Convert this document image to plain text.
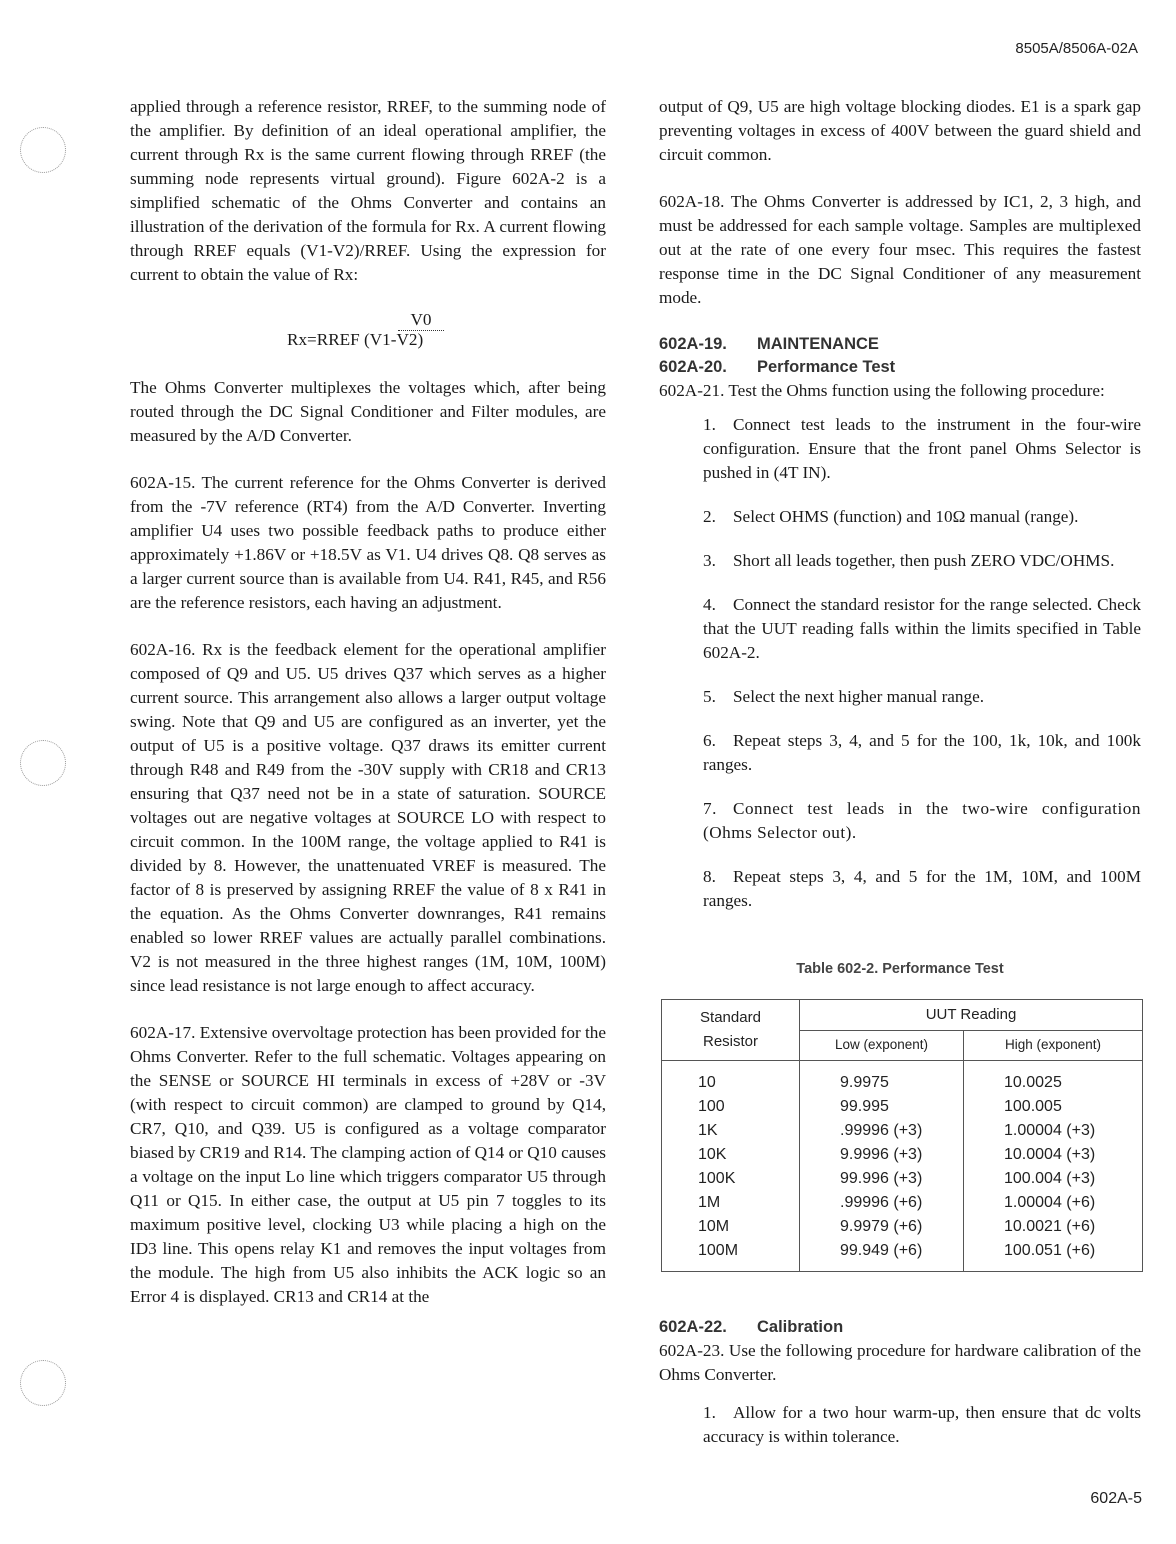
8505A/8506A-02A

applied through a reference resistor, RREF, to the summing node of the amplifier. By definition of an ideal operational amplifier, the current through Rx is the same current flowing through RREF (the summing node represents virtual ground). Figure 602A-2 is a simplified schematic of the Ohms Converter and contains an illustration of the derivation of the formula for Rx. A current flowing through RREF equals (V1-V2)/RREF. Using the expression for current to obtain the value of Rx:

V0
Rx=RREF (V1-V2)

The Ohms Converter multiplexes the voltages which, after being routed through the DC Signal Conditioner and Filter modules, are measured by the A/D Converter.

602A-15. The current reference for the Ohms Converter is derived from the -7V reference (RT4) from the A/D Converter. Inverting amplifier U4 uses two possible feedback paths to produce either approximately +1.86V or +18.5V as V1. U4 drives Q8. Q8 serves as a larger current source than is available from U4. R41, R45, and R56 are the reference resistors, each having an adjustment.

602A-16. Rx is the feedback element for the operational amplifier composed of Q9 and U5. U5 drives Q37 which serves as a higher current source. This arrangement also allows a larger output voltage swing. Note that Q9 and U5 are configured as an inverter, yet the output of U5 is a positive voltage. Q37 draws its emitter current through R48 and R49 from the -30V supply with CR18 and CR13 ensuring that Q37 need not be in a state of saturation. SOURCE voltages out are negative voltages at SOURCE LO with respect to circuit common. In the 100M range, the voltage applied to R41 is divided by 8. However, the unattenuated VREF is measured. The factor of 8 is preserved by assigning RREF the value of 8 x R41 in the equation. As the Ohms Converter downranges, R41 remains enabled so lower RREF values are actually parallel combinations. V2 is not measured in the three highest ranges (1M, 10M, 100M) since lead resistance is not large enough to affect accuracy.

602A-17. Extensive overvoltage protection has been provided for the Ohms Converter. Refer to the full schematic. Voltages appearing on the SENSE or SOURCE HI terminals in excess of +28V or -3V (with respect to circuit common) are clamped to ground by Q14, CR7, Q10, and Q39. U5 is configured as a voltage comparator biased by CR19 and R14. The clamping action of Q14 or Q10 causes a voltage on the input Lo line which triggers comparator U5 through Q11 or Q15. In either case, the output at U5 pin 7 toggles to its maximum positive level, clocking U3 while placing a high on the ID3 line. This opens relay K1 and removes the input voltages from the module. The high from U5 also inhibits the ACK logic so an Error 4 is displayed. CR13 and CR14 at the

output of Q9, U5 are high voltage blocking diodes. E1 is a spark gap preventing voltages in excess of 400V between the guard shield and circuit common.

602A-18. The Ohms Converter is addressed by IC1, 2, 3 high, and must be addressed for each sample voltage. Samples are multiplexed out at the rate of one every four msec. This requires the fastest response time in the DC Signal Conditioner of any measurement mode.

602A-19. MAINTENANCE
602A-20. Performance Test

602A-21. Test the Ohms function using the following procedure:

1. Connect test leads to the instrument in the four-wire configuration. Ensure that the front panel Ohms Selector is pushed in (4T IN).

2. Select OHMS (function) and 10Ω manual (range).

3. Short all leads together, then push ZERO VDC/OHMS.

4. Connect the standard resistor for the range selected. Check that the UUT reading falls within the limits specified in Table 602A-2.

5. Select the next higher manual range.

6. Repeat steps 3, 4, and 5 for the 100, 1k, 10k, and 100k ranges.

7. Connect test leads in the two-wire configuration (Ohms Selector out).

8. Repeat steps 3, 4, and 5 for the 1M, 10M, and 100M ranges.

Table 602-2. Performance Test
Standard
Resistor	UUT Reading	
	Low (exponent)	High (exponent)
10	9.9975	10.0025
100	99.995	100.005
1K	.99996 (+3)	1.00004 (+3)
10K	9.9996 (+3)	10.0004 (+3)
100K	99.996 (+3)	100.004 (+3)
1M	.99996 (+6)	1.00004 (+6)
10M	9.9979 (+6)	10.0021 (+6)
100M	99.949 (+6)	100.051 (+6)
602A-22. Calibration

602A-23. Use the following procedure for hardware calibration of the Ohms Converter.

1. Allow for a two hour warm-up, then ensure that dc volts accuracy is within tolerance.

602A-5
